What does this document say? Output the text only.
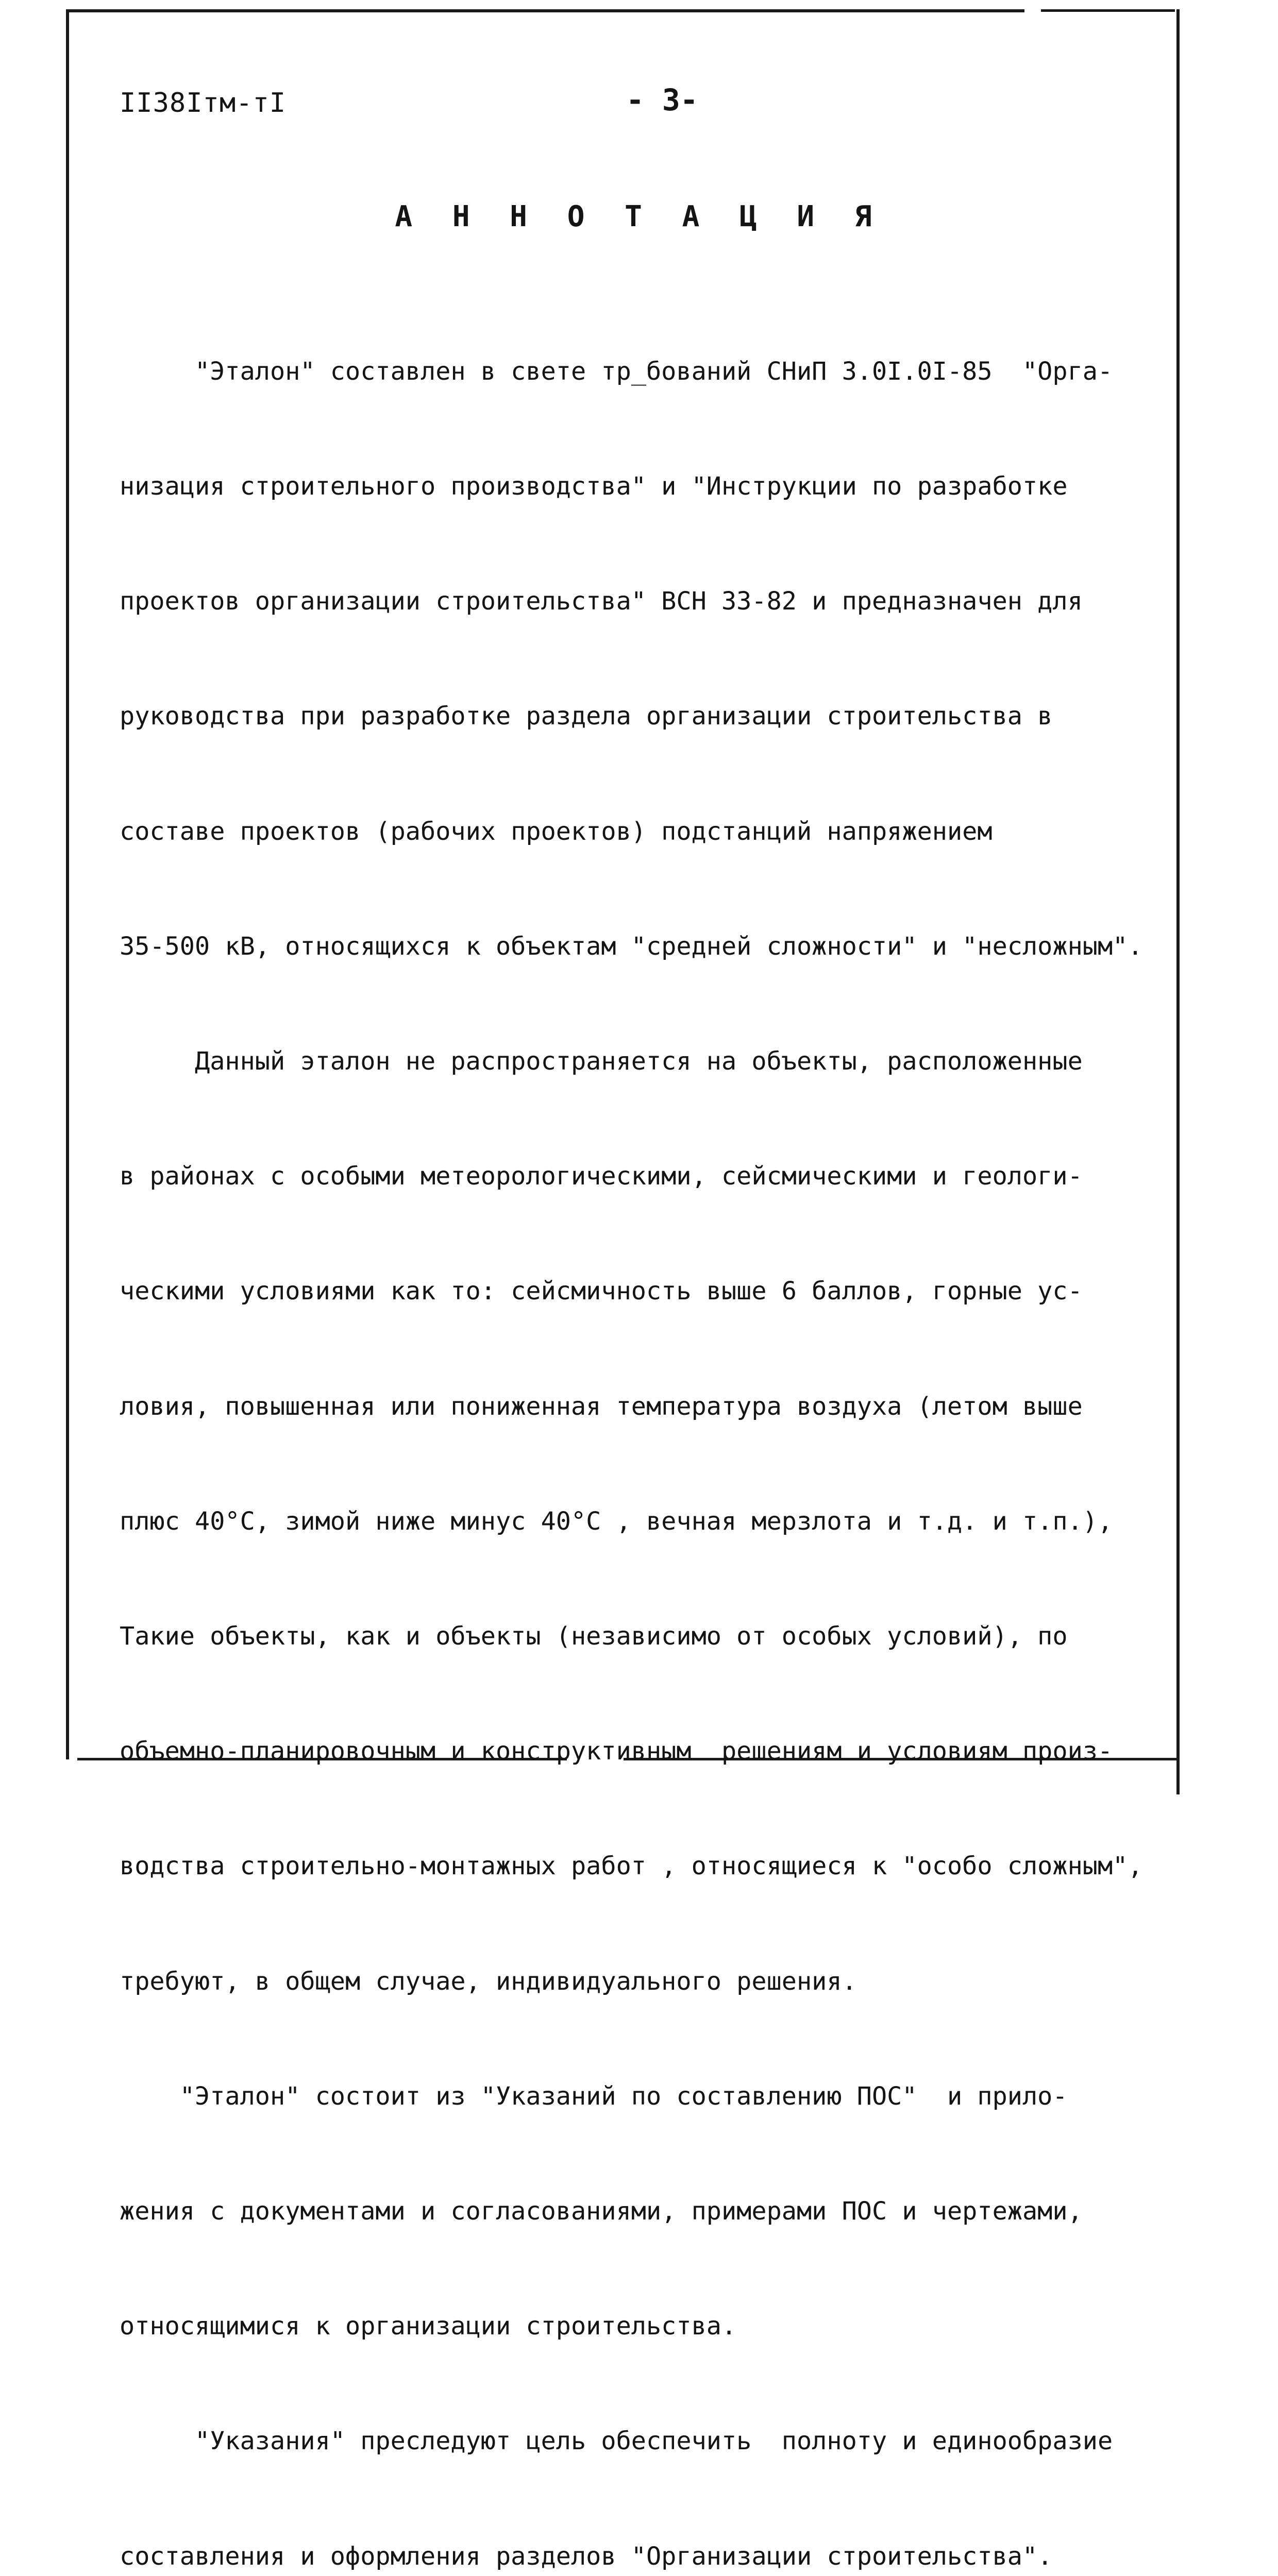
II38Iтм-тI	- 3-
А Н Н О Т А Ц И Я

"Эталон" составлен в свете тр_бований СНиП 3.0I.0I-85  "Орга-

низация строительного производства" и "Инструкции по разработке

проектов организации строительства" ВСН 33-82 и предназначен для

руководства при разработке раздела организации строительства в

составе проектов (рабочих проектов) подстанций напряжением

35-500 кВ, относящихся к объектам "средней сложности" и "несложным".

Данный эталон не распространяется на объекты, расположенные

в районах с особыми метеорологическими, сейсмическими и геологи-

ческими условиями как то: сейсмичность выше 6 баллов, горные ус-

ловия, повышенная или пониженная температура воздуха (летом выше

плюс 40°С, зимой ниже минус 40°С , вечная мерзлота и т.д. и т.п.),

Такие объекты, как и объекты (независимо от особых условий), по

объемно-планировочным и конструктивным  решениям и условиям произ-

водства строительно-монтажных работ , относящиеся к "особо сложным",

требуют, в общем случае, индивидуального решения.

"Эталон" состоит из "Указаний по составлению ПОС"  и прило-

жения с документами и согласованиями, примерами ПОС и чертежами,

относящимися к организации строительства.

"Указания" преследуют цель обеспечить  полноту и единообразие

составления и оформления разделов "Организации строительства".
